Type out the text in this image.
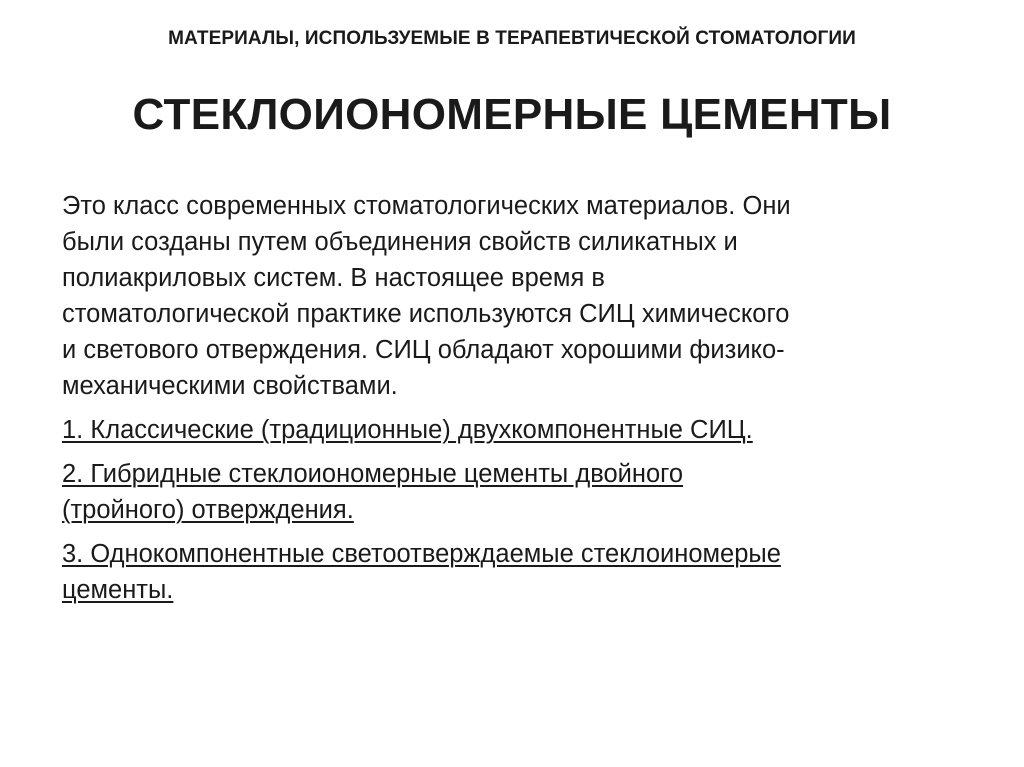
МАТЕРИАЛЫ, ИСПОЛЬЗУЕМЫЕ В ТЕРАПЕВТИЧЕСКОЙ СТОМАТОЛОГИИ
СТЕКЛОИОНОМЕРНЫЕ ЦЕМЕНТЫ
Это класс современных стоматологических материалов. Они
были созданы путем объединения свойств силикатных и
полиакриловых систем. В настоящее время в
стоматологической практике используются СИЦ химического
и светового отверждения. СИЦ обладают хорошими физико-
механическими свойствами.
1. Классические (традиционные) двухкомпонентные СИЦ.
2. Гибридные стеклоиономерные цементы двойного
(тройного) отверждения.
3. Однокомпонентные светоотверждаемые стеклоиномерые
цементы.
